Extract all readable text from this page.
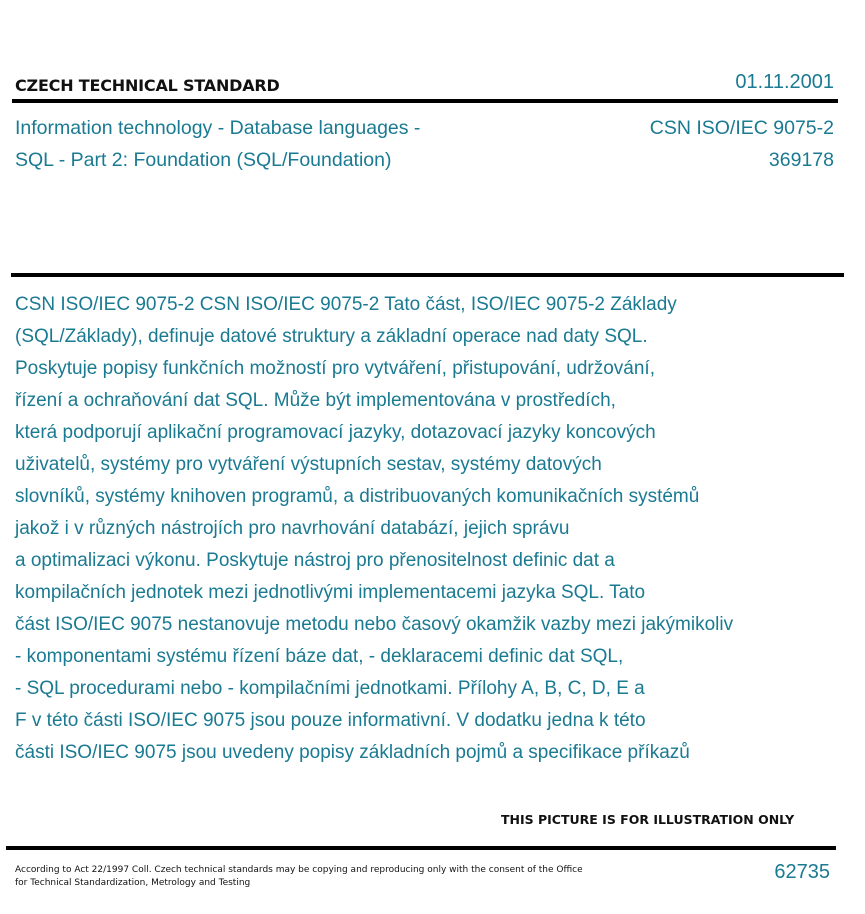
CZECH TECHNICAL STANDARD	01.11.2001
Information technology - Database languages -
SQL - Part 2: Foundation (SQL/Foundation)
CSN ISO/IEC 9075-2
369178
CSN ISO/IEC 9075-2 CSN ISO/IEC 9075-2 Tato část, ISO/IEC 9075-2 Základy
(SQL/Základy), definuje datové struktury a základní operace nad daty SQL.
Poskytuje popisy funkčních možností pro vytváření, přistupování, udržování,
řízení a ochraňování dat SQL. Může být implementována v prostředích,
která podporují aplikační programovací jazyky, dotazovací jazyky koncových
uživatelů, systémy pro vytváření výstupních sestav, systémy datových
slovníků, systémy knihoven programů, a distribuovaných komunikačních systémů
jakož i v různých nástrojích pro navrhování databází, jejich správu
a optimalizaci výkonu. Poskytuje nástroj pro přenositelnost definic dat a
kompilačních jednotek mezi jednotlivými implementacemi jazyka SQL. Tato
část ISO/IEC 9075 nestanovuje metodu nebo časový okamžik vazby mezi jakýmikoliv
- komponentami systému řízení báze dat, - deklaracemi definic dat SQL,
- SQL procedurami nebo - kompilačními jednotkami. Přílohy A, B, C, D, E a
F v této části ISO/IEC 9075 jsou pouze informativní. V dodatku jedna k této
části ISO/IEC 9075 jsou uvedeny popisy základních pojmů a specifikace příkazů
THIS PICTURE IS FOR ILLUSTRATION ONLY
According to Act 22/1997 Coll. Czech technical standards may be copying and reproducing only with the consent of the Office
for Technical Standardization, Metrology and Testing	62735
